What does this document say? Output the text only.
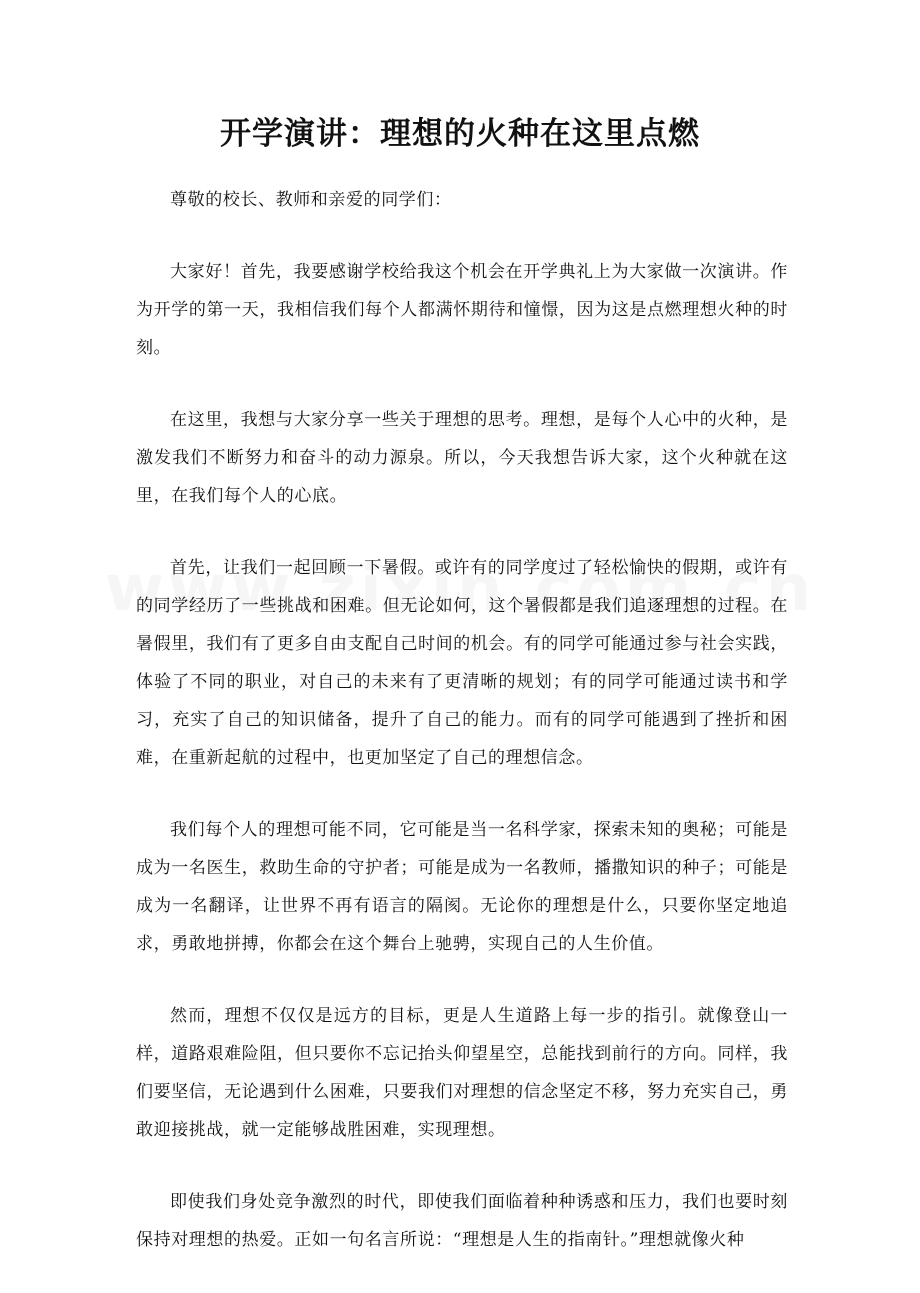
开学演讲：理想的火种在这里点燃

尊敬的校长、教师和亲爱的同学们：

大家好！首先，我要感谢学校给我这个机会在开学典礼上为大家做一次演讲。作为开学的第一天，我相信我们每个人都满怀期待和憧憬，因为这是点燃理想火种的时刻。

在这里，我想与大家分享一些关于理想的思考。理想，是每个人心中的火种，是激发我们不断努力和奋斗的动力源泉。所以，今天我想告诉大家，这个火种就在这里，在我们每个人的心底。

首先，让我们一起回顾一下暑假。或许有的同学度过了轻松愉快的假期，或许有的同学经历了一些挑战和困难。但无论如何，这个暑假都是我们追逐理想的过程。在暑假里，我们有了更多自由支配自己时间的机会。有的同学可能通过参与社会实践，体验了不同的职业，对自己的未来有了更清晰的规划；有的同学可能通过读书和学习，充实了自己的知识储备，提升了自己的能力。而有的同学可能遇到了挫折和困难，在重新起航的过程中，也更加坚定了自己的理想信念。

我们每个人的理想可能不同，它可能是当一名科学家，探索未知的奥秘；可能是成为一名医生，救助生命的守护者；可能是成为一名教师，播撒知识的种子；可能是成为一名翻译，让世界不再有语言的隔阂。无论你的理想是什么，只要你坚定地追求，勇敢地拼搏，你都会在这个舞台上驰骋，实现自己的人生价值。

然而，理想不仅仅是远方的目标，更是人生道路上每一步的指引。就像登山一样，道路艰难险阻，但只要你不忘记抬头仰望星空，总能找到前行的方向。同样，我们要坚信，无论遇到什么困难，只要我们对理想的信念坚定不移，努力充实自己，勇敢迎接挑战，就一定能够战胜困难，实现理想。

即使我们身处竞争激烈的时代，即使我们面临着种种诱惑和压力，我们也要时刻保持对理想的热爱。正如一句名言所说：“理想是人生的指南针。”理想就像火种
